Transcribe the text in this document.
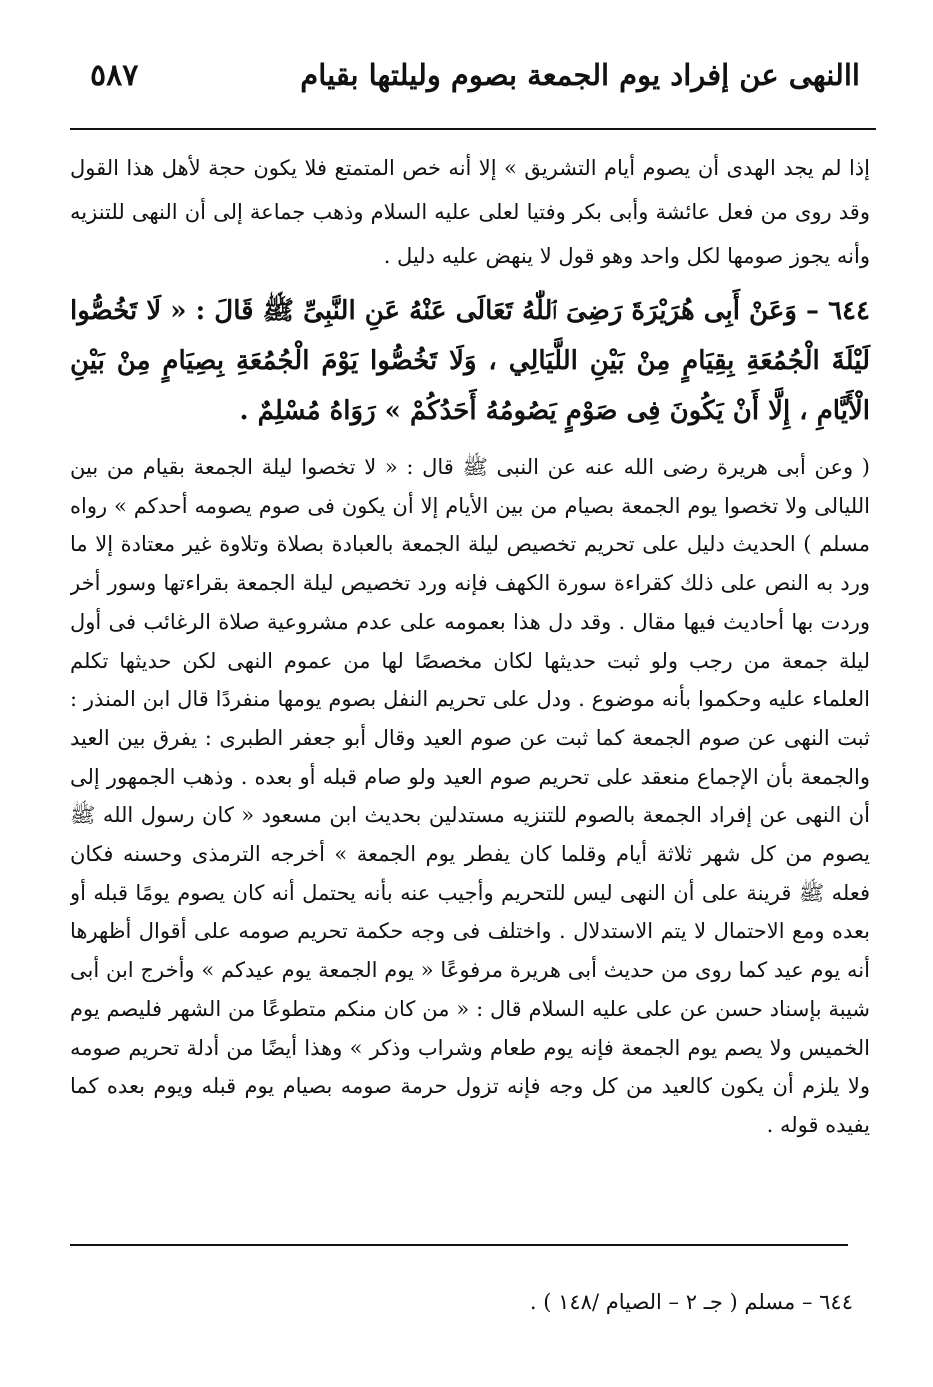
٥٨٧	االنهى عن إفراد يوم الجمعة بصوم وليلتها بقيام
إذا لم يجد الهدى أن يصوم أيام التشريق » إلا أنه خص المتمتع فلا يكون حجة لأهل هذا القول وقد روى من فعل عائشة وأبى بكر وفتيا لعلى عليه السلام وذهب جماعة إلى أن النهى للتنزيه وأنه يجوز صومها لكل واحد وهو قول لا ينهض عليه دليل .
٦٤٤ – وَعَنْ أَبِى هُرَيْرَةَ رَضِىَ ٱللّٰهُ تَعَالَى عَنْهُ عَنِ النَّبِىِّ ﷺ قَالَ : « لَا تَخُصُّوا لَيْلَةَ الْجُمُعَةِ بِقِيَامٍ مِنْ بَيْنِ اللَّيَالِي ، وَلَا تَخُصُّوا يَوْمَ الْجُمُعَةِ بِصِيَامٍ مِنْ بَيْنِ الْأَيَّامِ ، إِلَّا أَنْ يَكُونَ فِى صَوْمٍ يَصُومُهُ أَحَدُكُمْ » رَوَاهُ مُسْلِمٌ .
( وعن أبى هريرة رضى الله عنه عن النبى ﷺ قال : « لا تخصوا ليلة الجمعة بقيام من بين الليالى ولا تخصوا يوم الجمعة بصيام من بين الأيام إلا أن يكون فى صوم يصومه أحدكم » رواه مسلم ) الحديث دليل على تحريم تخصيص ليلة الجمعة بالعبادة بصلاة وتلاوة غير معتادة إلا ما ورد به النص على ذلك كقراءة سورة الكهف فإنه ورد تخصيص ليلة الجمعة بقراءتها وسور أخر وردت بها أحاديث فيها مقال . وقد دل هذا بعمومه على عدم مشروعية صلاة الرغائب فى أول ليلة جمعة من رجب ولو ثبت حديثها لكان مخصصًا لها من عموم النهى لكن حديثها تكلم العلماء عليه وحكموا بأنه موضوع . ودل على تحريم النفل بصوم يومها منفردًا قال ابن المنذر : ثبت النهى عن صوم الجمعة كما ثبت عن صوم العيد وقال أبو جعفر الطبرى : يفرق بين العيد والجمعة بأن الإجماع منعقد على تحريم صوم العيد ولو صام قبله أو بعده . وذهب الجمهور إلى أن النهى عن إفراد الجمعة بالصوم للتنزيه مستدلين بحديث ابن مسعود « كان رسول الله ﷺ يصوم من كل شهر ثلاثة أيام وقلما كان يفطر يوم الجمعة » أخرجه الترمذى وحسنه فكان فعله ﷺ قرينة على أن النهى ليس للتحريم وأجيب عنه بأنه يحتمل أنه كان يصوم يومًا قبله أو بعده ومع الاحتمال لا يتم الاستدلال . واختلف فى وجه حكمة تحريم صومه على أقوال أظهرها أنه يوم عيد كما روى من حديث أبى هريرة مرفوعًا « يوم الجمعة يوم عيدكم » وأخرج ابن أبى شيبة بإسناد حسن عن على عليه السلام قال : « من كان منكم متطوعًا من الشهر فليصم يوم الخميس ولا يصم يوم الجمعة فإنه يوم طعام وشراب وذكر » وهذا أيضًا من أدلة تحريم صومه ولا يلزم أن يكون كالعيد من كل وجه فإنه تزول حرمة صومه بصيام يوم قبله ويوم بعده كما يفيده قوله .
٦٤٤ – مسلم ( جـ ٢ – الصيام /١٤٨ ) .
